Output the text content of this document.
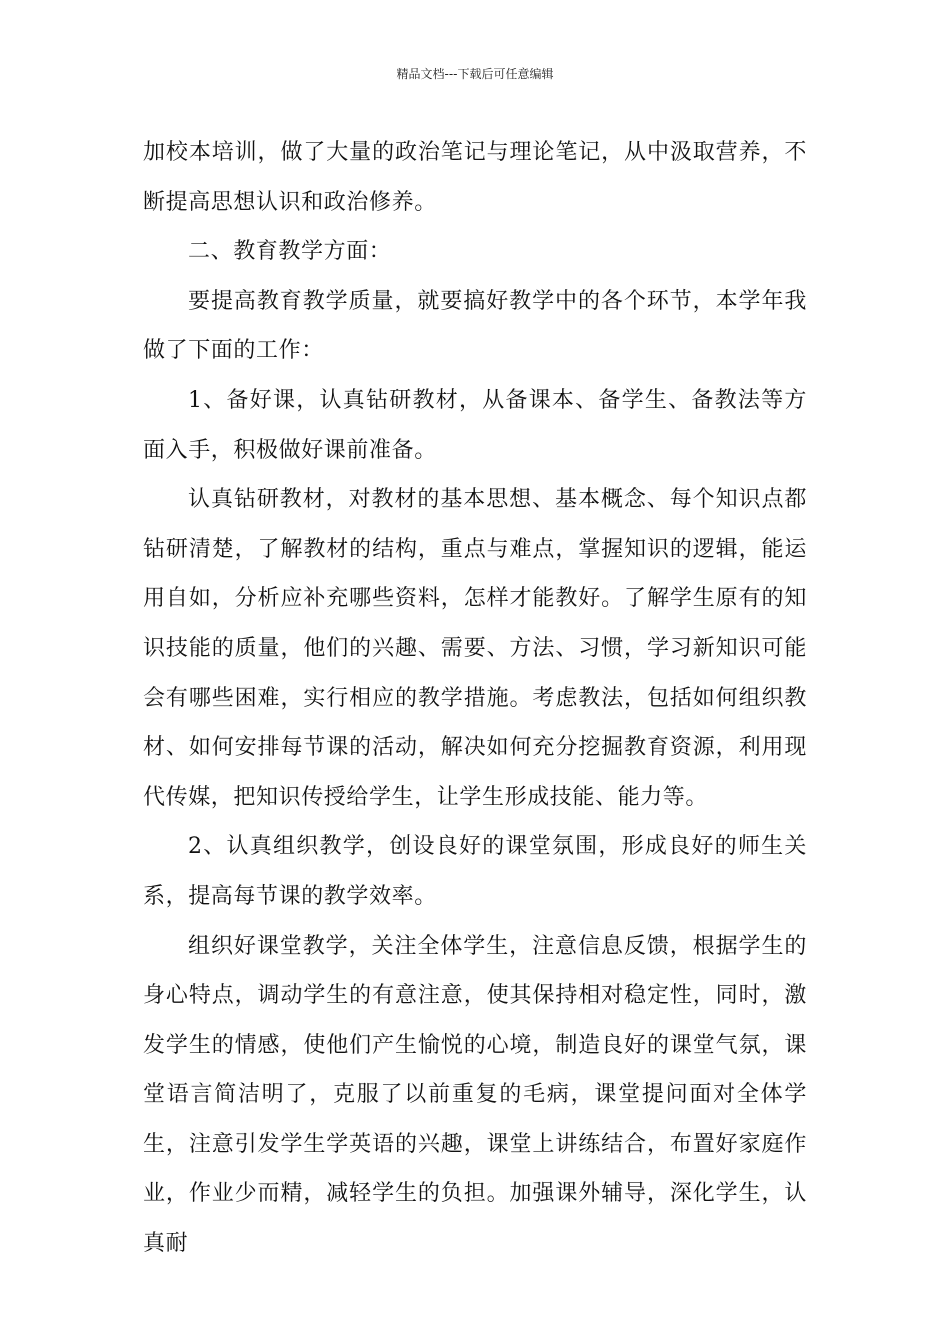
精品文档---下载后可任意编辑

加校本培训，做了大量的政治笔记与理论笔记，从中汲取营养，不断提高思想认识和政治修养。

二、教育教学方面：

要提高教育教学质量，就要搞好教学中的各个环节，本学年我做了下面的工作：

1、备好课，认真钻研教材，从备课本、备学生、备教法等方面入手，积极做好课前准备。

认真钻研教材，对教材的基本思想、基本概念、每个知识点都钻研清楚，了解教材的结构，重点与难点，掌握知识的逻辑，能运用自如，分析应补充哪些资料，怎样才能教好。了解学生原有的知识技能的质量，他们的兴趣、需要、方法、习惯，学习新知识可能会有哪些困难，实行相应的教学措施。考虑教法，包括如何组织教材、如何安排每节课的活动，解决如何充分挖掘教育资源，利用现代传媒，把知识传授给学生，让学生形成技能、能力等。

2、认真组织教学，创设良好的课堂氛围，形成良好的师生关系，提高每节课的教学效率。

组织好课堂教学，关注全体学生，注意信息反馈，根据学生的身心特点，调动学生的有意注意，使其保持相对稳定性，同时，激发学生的情感，使他们产生愉悦的心境，制造良好的课堂气氛，课堂语言简洁明了，克服了以前重复的毛病，课堂提问面对全体学生，注意引发学生学英语的兴趣，课堂上讲练结合，布置好家庭作业，作业少而精，减轻学生的负担。加强课外辅导，深化学生，认真耐
